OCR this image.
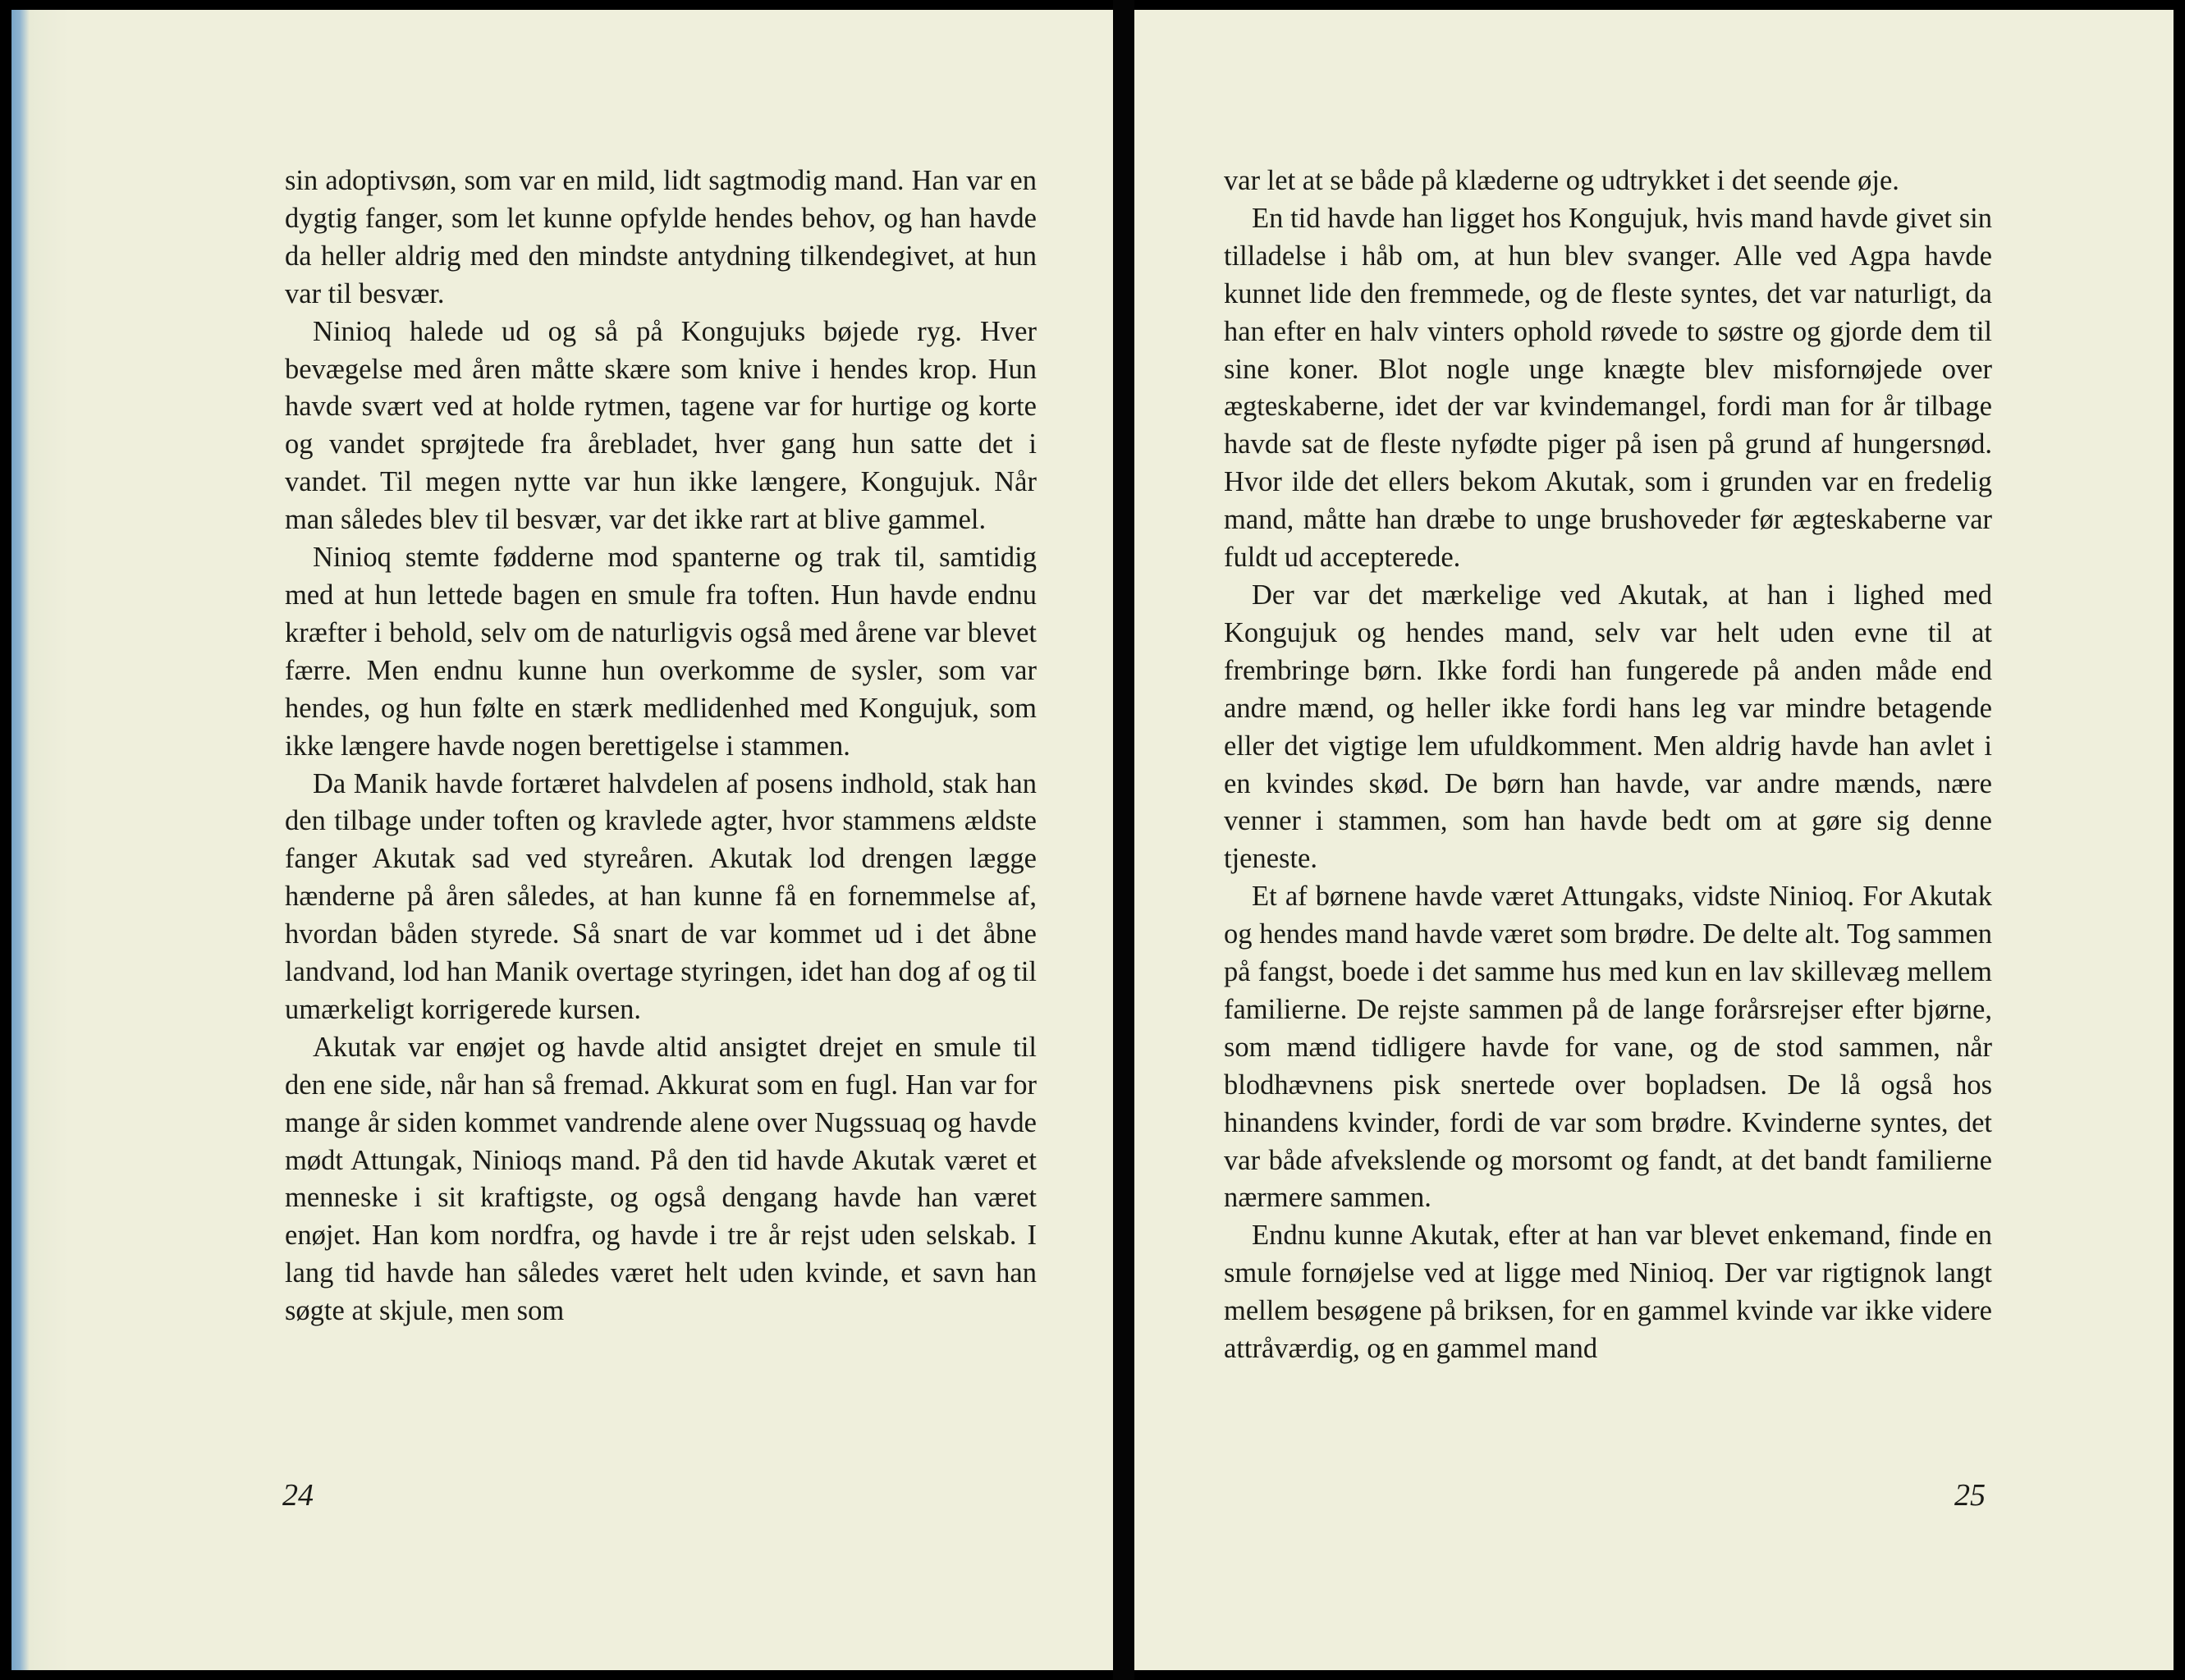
sin adoptivsøn, som var en mild, lidt sagtmodig mand. Han var en dygtig fanger, som let kunne opfylde hendes behov, og han havde da heller aldrig med den mindste antydning tilkendegivet, at hun var til besvær.

Ninioq halede ud og så på Kongujuks bøjede ryg. Hver bevægelse med åren måtte skære som knive i hendes krop. Hun havde svært ved at holde rytmen, tagene var for hurtige og korte og vandet sprøjtede fra årebladet, hver gang hun satte det i vandet. Til megen nytte var hun ikke længere, Kongujuk. Når man således blev til besvær, var det ikke rart at blive gammel.

Ninioq stemte fødderne mod spanterne og trak til, samtidig med at hun lettede bagen en smule fra toften. Hun havde endnu kræfter i behold, selv om de naturligvis også med årene var blevet færre. Men endnu kunne hun overkomme de sysler, som var hendes, og hun følte en stærk medlidenhed med Kongujuk, som ikke længere havde nogen berettigelse i stammen.

Da Manik havde fortæret halvdelen af posens indhold, stak han den tilbage under toften og kravlede agter, hvor stammens ældste fanger Akutak sad ved styreåren. Akutak lod drengen lægge hænderne på åren således, at han kunne få en fornemmelse af, hvordan båden styrede. Så snart de var kommet ud i det åbne landvand, lod han Manik overtage styringen, idet han dog af og til umærkeligt korrigerede kursen.

Akutak var enøjet og havde altid ansigtet drejet en smule til den ene side, når han så fremad. Akkurat som en fugl. Han var for mange år siden kommet vandrende alene over Nugssuaq og havde mødt Attungak, Ninioqs mand. På den tid havde Akutak været et menneske i sit kraftigste, og også dengang havde han været enøjet. Han kom nordfra, og havde i tre år rejst uden selskab. I lang tid havde han således været helt uden kvinde, et savn han søgte at skjule, men som

24

var let at se både på klæderne og udtrykket i det seende øje.

En tid havde han ligget hos Kongujuk, hvis mand havde givet sin tilladelse i håb om, at hun blev svanger. Alle ved Agpa havde kunnet lide den fremmede, og de fleste syntes, det var naturligt, da han efter en halv vinters ophold røvede to søstre og gjorde dem til sine koner. Blot nogle unge knægte blev misfornøjede over ægteskaberne, idet der var kvindemangel, fordi man for år tilbage havde sat de fleste nyfødte piger på isen på grund af hungersnød. Hvor ilde det ellers bekom Akutak, som i grunden var en fredelig mand, måtte han dræbe to unge brushoveder før ægteskaberne var fuldt ud accepterede.

Der var det mærkelige ved Akutak, at han i lighed med Kongujuk og hendes mand, selv var helt uden evne til at frembringe børn. Ikke fordi han fungerede på anden måde end andre mænd, og heller ikke fordi hans leg var mindre betagende eller det vigtige lem ufuldkomment. Men aldrig havde han avlet i en kvindes skød. De børn han havde, var andre mænds, nære venner i stammen, som han havde bedt om at gøre sig denne tjeneste.

Et af børnene havde været Attungaks, vidste Ninioq. For Akutak og hendes mand havde været som brødre. De delte alt. Tog sammen på fangst, boede i det samme hus med kun en lav skillevæg mellem familierne. De rejste sammen på de lange forårsrejser efter bjørne, som mænd tidligere havde for vane, og de stod sammen, når blodhævnens pisk snertede over bopladsen. De lå også hos hinandens kvinder, fordi de var som brødre. Kvinderne syntes, det var både afvekslende og morsomt og fandt, at det bandt familierne nærmere sammen.

Endnu kunne Akutak, efter at han var blevet enkemand, finde en smule fornøjelse ved at ligge med Ninioq. Der var rigtignok langt mellem besøgene på briksen, for en gammel kvinde var ikke videre attråværdig, og en gammel mand

25
